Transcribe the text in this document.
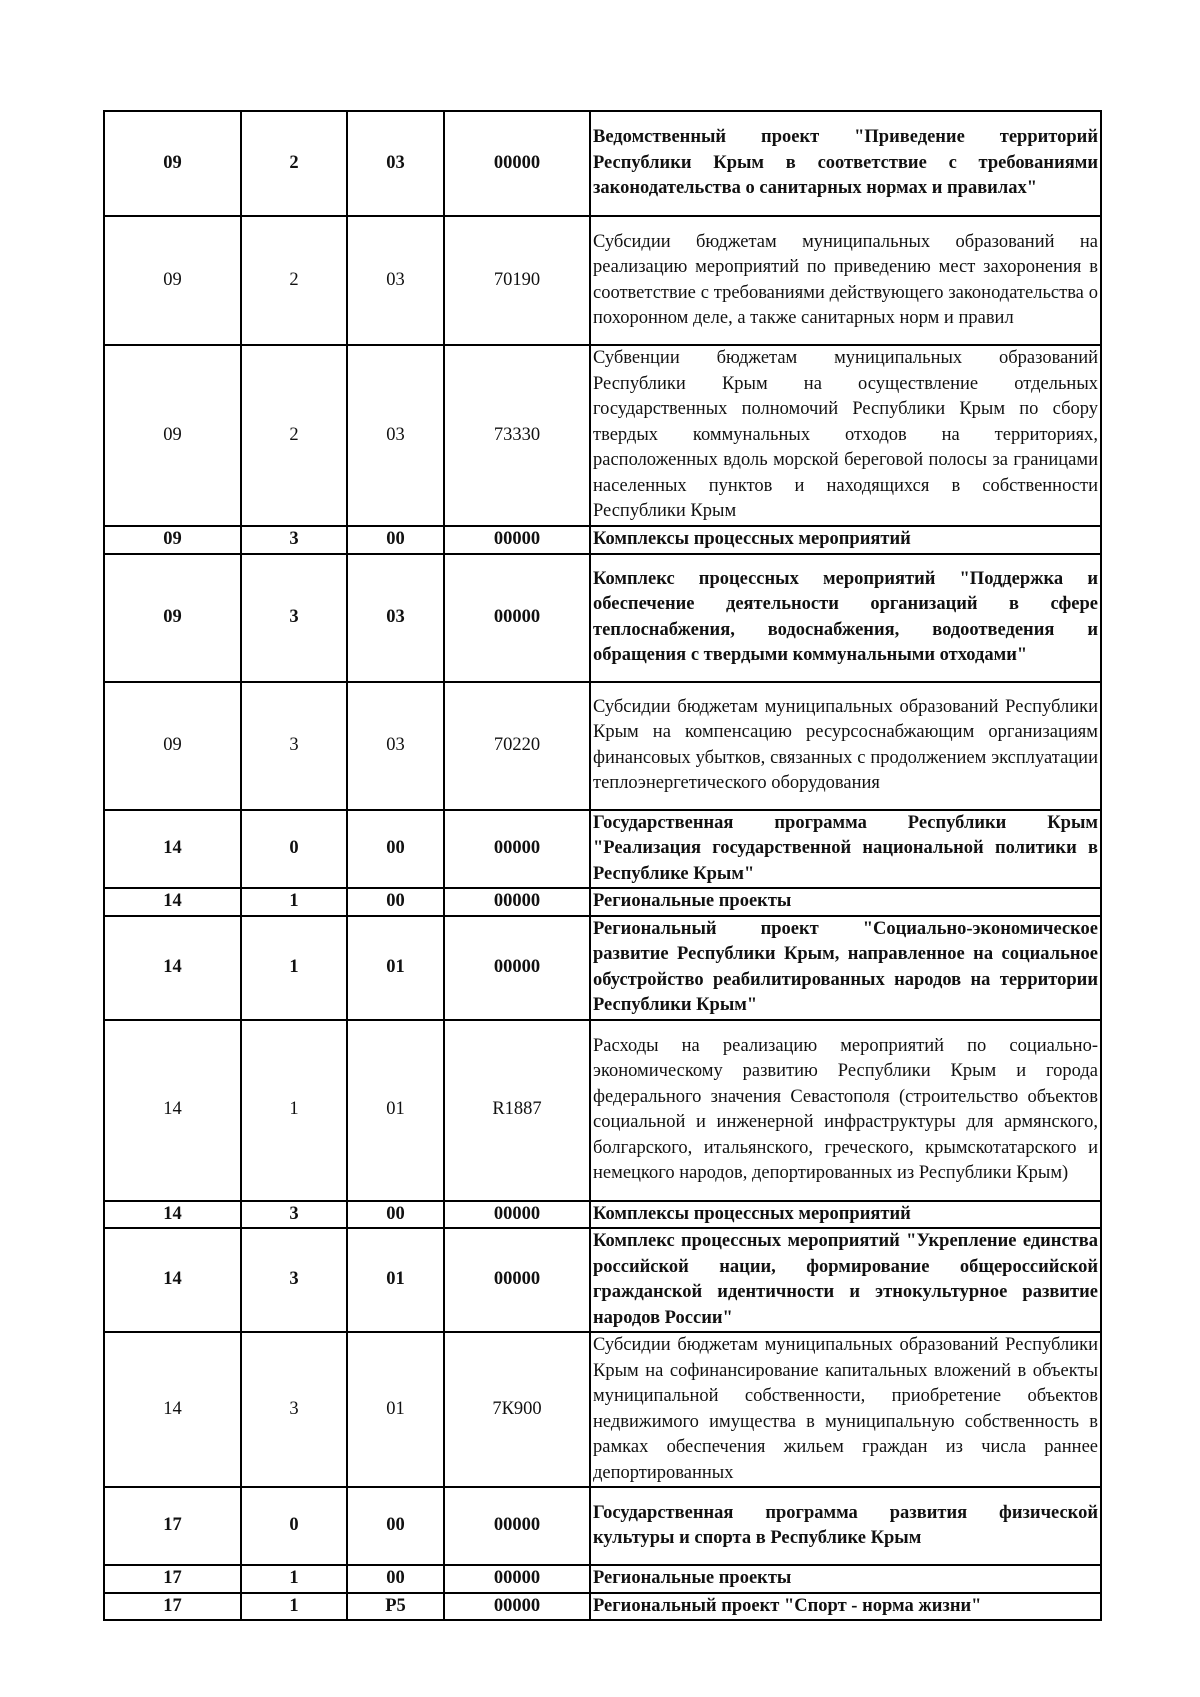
09	2	03	00000	Ведомственный проект "Приведение территорий Республики Крым в соответствие с требованиями законодательства о санитарных нормах и правилах"
09	2	03	70190	Субсидии бюджетам муниципальных образований на реализацию мероприятий по приведению мест захоронения в соответствие с требованиями действующего законодательства о похоронном деле, а также санитарных норм и правил
09	2	03	73330	Субвенции бюджетам муниципальных образований Республики Крым на осуществление отдельных государственных полномочий Республики Крым по сбору твердых коммунальных отходов на территориях, расположенных вдоль морской береговой полосы за границами населенных пунктов и находящихся в собственности Республики Крым
09	3	00	00000	Комплексы процессных мероприятий
09	3	03	00000	Комплекс процессных мероприятий "Поддержка и обеспечение деятельности организаций в сфере теплоснабжения, водоснабжения, водоотведения и обращения с твердыми коммунальными отходами"
09	3	03	70220	Субсидии бюджетам муниципальных образований Республики Крым на компенсацию ресурсоснабжающим организациям финансовых убытков, связанных с продолжением эксплуатации теплоэнергетического оборудования
14	0	00	00000	Государственная программа Республики Крым "Реализация государственной национальной политики в Республике Крым"
14	1	00	00000	Региональные проекты
14	1	01	00000	Региональный проект "Социально-экономическое развитие Республики Крым, направленное на социальное обустройство реабилитированных народов на территории Республики Крым"
14	1	01	R1887	Расходы на реализацию мероприятий по социально-экономическому развитию Республики Крым и города федерального значения Севастополя (строительство объектов социальной и инженерной инфраструктуры для армянского, болгарского, итальянского, греческого, крымскотатарского и немецкого народов, депортированных из Республики Крым)
14	3	00	00000	Комплексы процессных мероприятий
14	3	01	00000	Комплекс процессных мероприятий "Укрепление единства российской нации, формирование общероссийской гражданской идентичности и этнокультурное развитие народов России"
14	3	01	7К900	Субсидии бюджетам муниципальных образований Республики Крым на софинансирование капитальных вложений в объекты муниципальной собственности, приобретение объектов недвижимого имущества в муниципальную собственность в рамках обеспечения жильем граждан из числа раннее депортированных
17	0	00	00000	Государственная программа развития физической культуры и спорта в Республике Крым
17	1	00	00000	Региональные проекты
17	1	Р5	00000	Региональный проект "Спорт - норма жизни"
